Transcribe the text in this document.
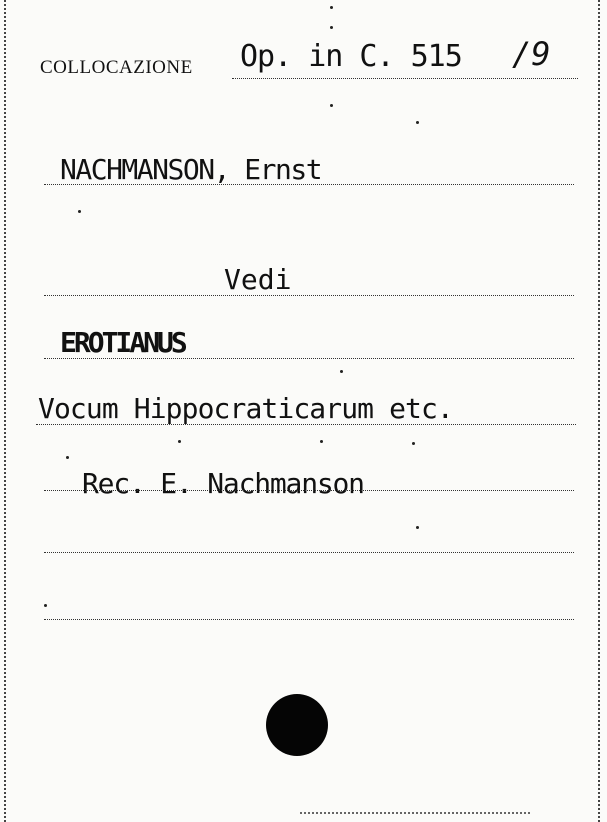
COLLOCAZIONE Op. in C. 515 /9
NACHMANSON, Ernst
Vedi
EROTIANUS
Vocum Hippocraticarum etc.
Rec. E. Nachmanson
